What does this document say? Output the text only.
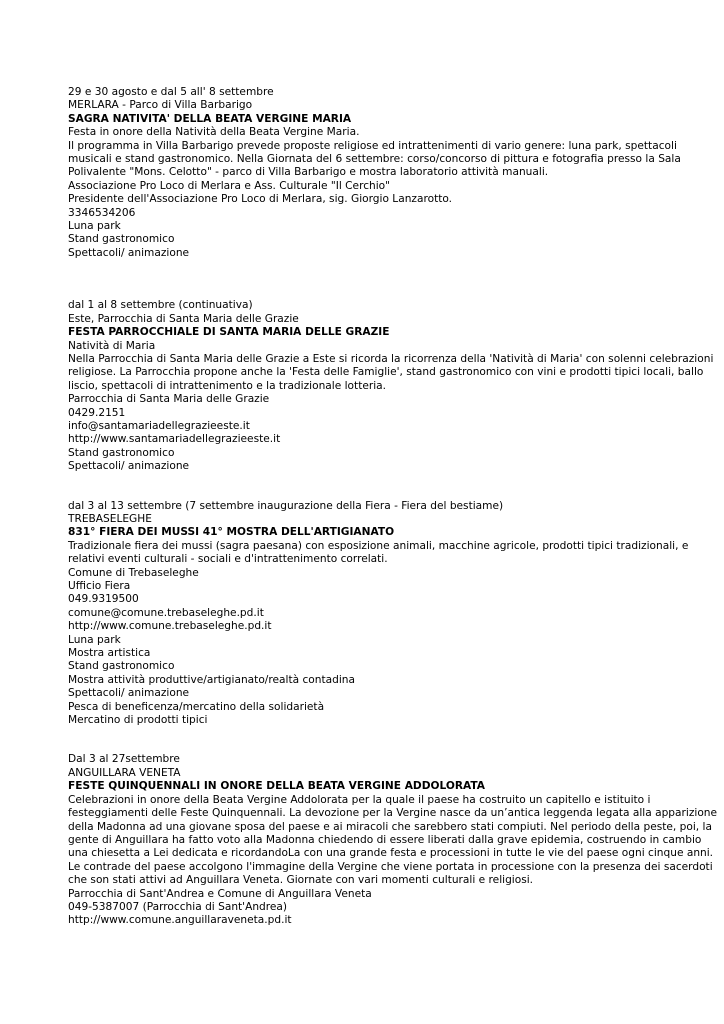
29 e 30 agosto e dal 5 all' 8 settembre
MERLARA - Parco di Villa Barbarigo
SAGRA NATIVITA' DELLA BEATA VERGINE MARIA
Festa in onore della Natività della Beata Vergine Maria.
Il programma in Villa Barbarigo prevede proposte religiose ed intrattenimenti di vario genere: luna park, spettacoli
musicali e stand gastronomico. Nella Giornata del 6 settembre: corso/concorso di pittura e fotografia presso la Sala
Polivalente "Mons. Celotto" - parco di Villa Barbarigo e mostra laboratorio attività manuali.
Associazione Pro Loco di Merlara e Ass. Culturale "Il Cerchio"
Presidente dell'Associazione Pro Loco di Merlara, sig. Giorgio Lanzarotto.
3346534206
Luna park
Stand gastronomico
Spettacoli/ animazione
dal 1 al 8 settembre (continuativa)
Este, Parrocchia di Santa Maria delle Grazie
FESTA PARROCCHIALE DI SANTA MARIA DELLE GRAZIE
Natività di Maria
Nella Parrocchia di Santa Maria delle Grazie a Este si ricorda la ricorrenza della 'Natività di Maria' con solenni celebrazioni
religiose. La Parrocchia propone anche la 'Festa delle Famiglie', stand gastronomico con vini e prodotti tipici locali, ballo
liscio, spettacoli di intrattenimento e la tradizionale lotteria.
Parrocchia di Santa Maria delle Grazie
0429.2151
info@santamariadellegrazieeste.it
http://www.santamariadellegrazieeste.it
Stand gastronomico
Spettacoli/ animazione
dal 3 al 13 settembre (7 settembre inaugurazione della Fiera - Fiera del bestiame)
TREBASELEGHE
831° FIERA DEI MUSSI 41° MOSTRA DELL'ARTIGIANATO
Tradizionale fiera dei mussi (sagra paesana) con esposizione animali, macchine agricole, prodotti tipici tradizionali, e
relativi eventi culturali - sociali e d'intrattenimento correlati.
Comune di Trebaseleghe
Ufficio Fiera
049.9319500
comune@comune.trebaseleghe.pd.it
http://www.comune.trebaseleghe.pd.it
Luna park
Mostra artistica
Stand gastronomico
Mostra attività produttive/artigianato/realtà contadina
Spettacoli/ animazione
Pesca di beneficenza/mercatino della solidarietà
Mercatino di prodotti tipici
Dal 3 al 27settembre
ANGUILLARA VENETA
FESTE QUINQUENNALI IN ONORE DELLA BEATA VERGINE ADDOLORATA
Celebrazioni in onore della Beata Vergine Addolorata per la quale il paese ha costruito un capitello e istituito i
festeggiamenti delle Feste Quinquennali. La devozione per la Vergine nasce da un’antica leggenda legata alla apparizione
della Madonna ad una giovane sposa del paese e ai miracoli che sarebbero stati compiuti. Nel periodo della peste, poi, la
gente di Anguillara ha fatto voto alla Madonna chiedendo di essere liberati dalla grave epidemia, costruendo in cambio
una chiesetta a Lei dedicata e ricordandoLa con una grande festa e processioni in tutte le vie del paese ogni cinque anni.
Le contrade del paese accolgono l'immagine della Vergine che viene portata in processione con la presenza dei sacerdoti
che son stati attivi ad Anguillara Veneta. Giornate con vari momenti culturali e religiosi.
Parrocchia di Sant'Andrea e Comune di Anguillara Veneta
049-5387007 (Parrocchia di Sant'Andrea)
http://www.comune.anguillaraveneta.pd.it
